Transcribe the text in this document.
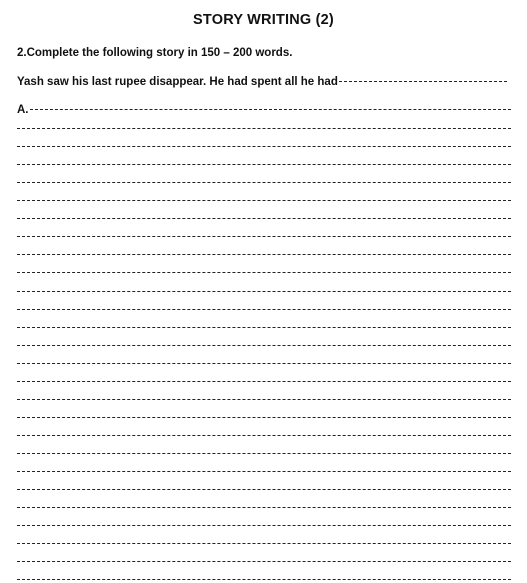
STORY WRITING (2)
2.Complete the following story in 150 – 200 words.
Yash saw his last rupee disappear. He had spent all he had
A.
